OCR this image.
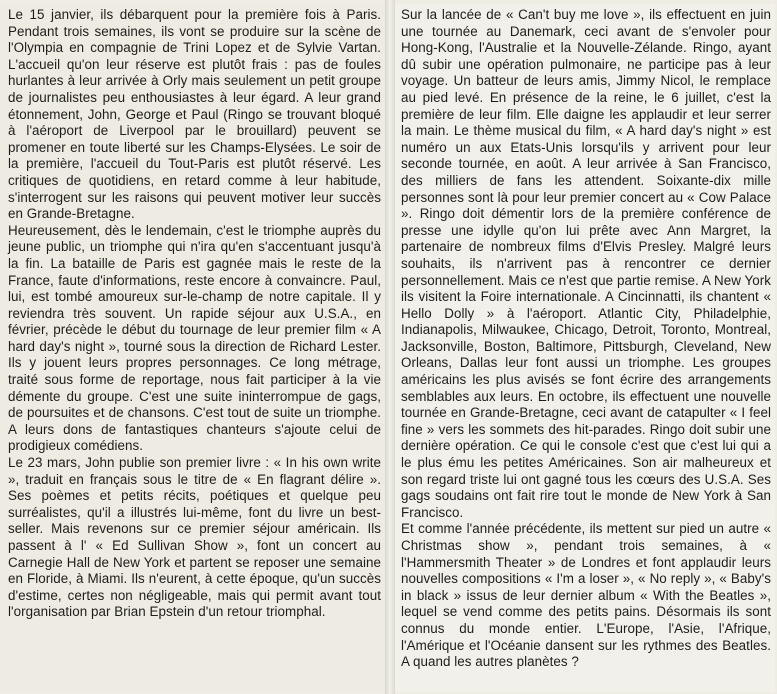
Le 15 janvier, ils débarquent pour la première fois à Paris. Pendant trois semaines, ils vont se produire sur la scène de l'Olympia en compagnie de Trini Lopez et de Sylvie Vartan. L'accueil qu'on leur réserve est plutôt frais : pas de foules hurlantes à leur arrivée à Orly mais seulement un petit groupe de journalistes peu enthousiastes à leur égard. A leur grand étonnement, John, George et Paul (Ringo se trouvant bloqué à l'aéroport de Liverpool par le brouillard) peuvent se promener en toute liberté sur les Champs-Elysées. Le soir de la première, l'accueil du Tout-Paris est plutôt réservé. Les critiques de quotidiens, en retard comme à leur habitude, s'interrogent sur les raisons qui peuvent motiver leur succès en Grande-Bretagne.

Heureusement, dès le lendemain, c'est le triomphe auprès du jeune public, un triomphe qui n'ira qu'en s'accentuant jusqu'à la fin. La bataille de Paris est gagnée mais le reste de la France, faute d'informations, reste encore à convaincre. Paul, lui, est tombé amoureux sur-le-champ de notre capitale. Il y reviendra très souvent. Un rapide séjour aux U.S.A., en février, précède le début du tournage de leur premier film « A hard day's night », tourné sous la direction de Richard Lester. Ils y jouent leurs propres personnages. Ce long métrage, traité sous forme de reportage, nous fait participer à la vie démente du groupe. C'est une suite ininterrompue de gags, de poursuites et de chansons. C'est tout de suite un triomphe. A leurs dons de fantastiques chanteurs s'ajoute celui de prodigieux comédiens.

Le 23 mars, John publie son premier livre : « In his own write », traduit en français sous le titre de « En flagrant délire ». Ses poèmes et petits récits, poétiques et quelque peu surréalistes, qu'il a illustrés lui-même, font du livre un best-seller. Mais revenons sur ce premier séjour américain. Ils passent à l' « Ed Sullivan Show », font un concert au Carnegie Hall de New York et partent se reposer une semaine en Floride, à Miami. Ils n'eurent, à cette époque, qu'un succès d'estime, certes non négligeable, mais qui permit avant tout l'organisation par Brian Epstein d'un retour triomphal.

Sur la lancée de « Can't buy me love », ils effectuent en juin une tournée au Danemark, ceci avant de s'envoler pour Hong-Kong, l'Australie et la Nouvelle-Zélande. Ringo, ayant dû subir une opération pulmonaire, ne participe pas à leur voyage. Un batteur de leurs amis, Jimmy Nicol, le remplace au pied levé. En présence de la reine, le 6 juillet, c'est la première de leur film. Elle daigne les applaudir et leur serrer la main. Le thème musical du film, « A hard day's night » est numéro un aux Etats-Unis lorsqu'ils y arrivent pour leur seconde tournée, en août. A leur arrivée à San Francisco, des milliers de fans les attendent. Soixante-dix mille personnes sont là pour leur premier concert au « Cow Palace ». Ringo doit démentir lors de la première conférence de presse une idylle qu'on lui prête avec Ann Margret, la partenaire de nombreux films d'Elvis Presley. Malgré leurs souhaits, ils n'arrivent pas à rencontrer ce dernier personnellement. Mais ce n'est que partie remise. A New York ils visitent la Foire internationale. A Cincinnatti, ils chantent « Hello Dolly » à l'aéroport. Atlantic City, Philadelphie, Indianapolis, Milwaukee, Chicago, Detroit, Toronto, Montreal, Jacksonville, Boston, Baltimore, Pittsburgh, Cleveland, New Orleans, Dallas leur font aussi un triomphe. Les groupes américains les plus avisés se font écrire des arrangements semblables aux leurs. En octobre, ils effectuent une nouvelle tournée en Grande-Bretagne, ceci avant de catapulter « I feel fine » vers les sommets des hit-parades. Ringo doit subir une dernière opération. Ce qui le console c'est que c'est lui qui a le plus ému les petites Américaines. Son air malheureux et son regard triste lui ont gagné tous les cœurs des U.S.A. Ses gags soudains ont fait rire tout le monde de New York à San Francisco.

Et comme l'année précédente, ils mettent sur pied un autre « Christmas show », pendant trois semaines, à « l'Hammersmith Theater » de Londres et font applaudir leurs nouvelles compositions « I'm a loser », « No reply », « Baby's in black » issus de leur dernier album « With the Beatles », lequel se vend comme des petits pains. Désormais ils sont connus du monde entier. L'Europe, l'Asie, l'Afrique, l'Amérique et l'Océanie dansent sur les rythmes des Beatles. A quand les autres planètes ?
